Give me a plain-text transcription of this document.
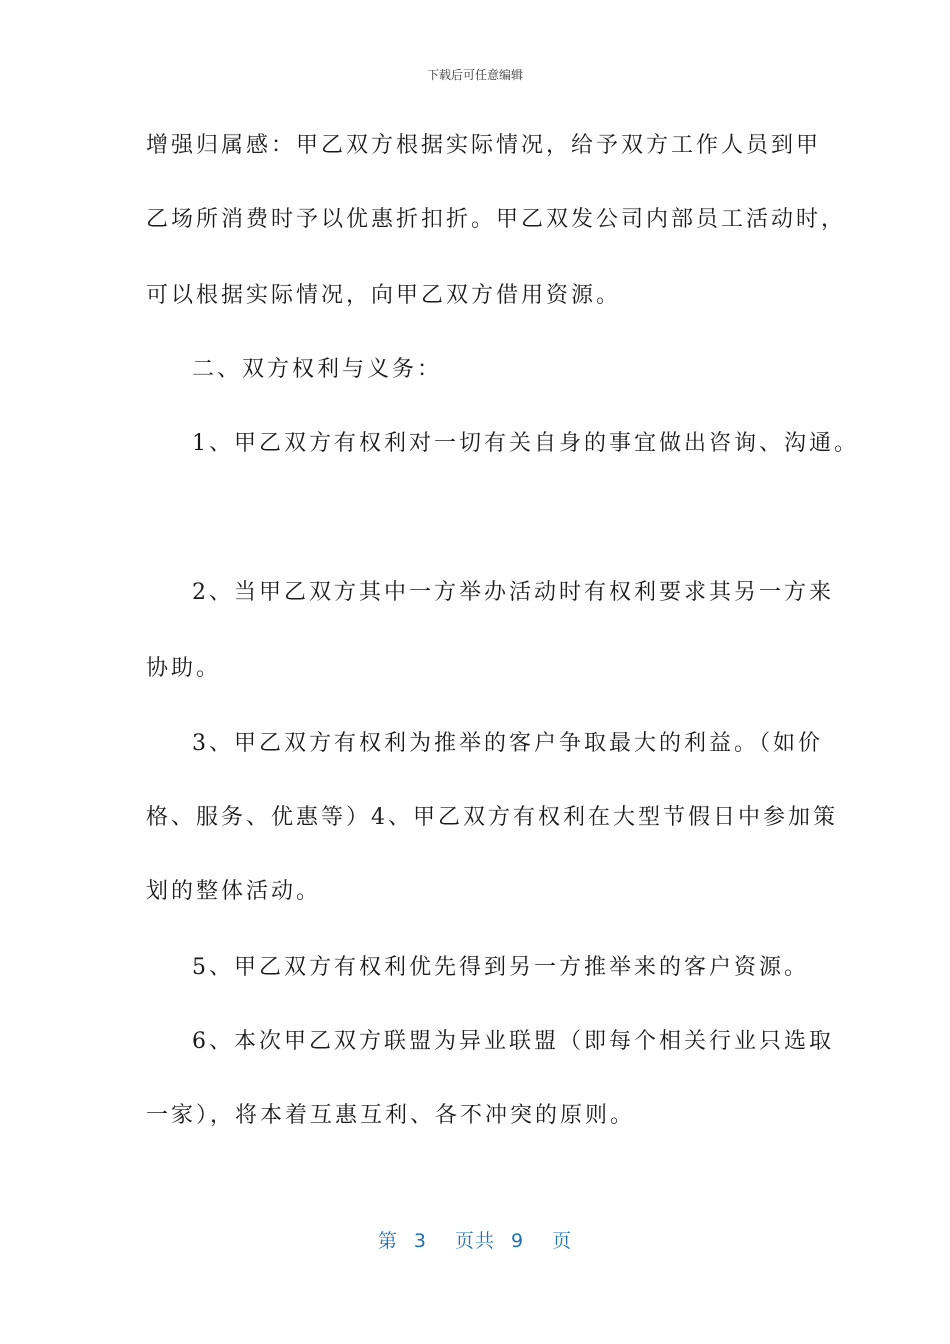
下载后可任意编辑
增强归属感：甲乙双方根据实际情况，给予双方工作人员到甲
乙场所消费时予以优惠折扣折。甲乙双发公司内部员工活动时，
可以根据实际情况，向甲乙双方借用资源。
二、双方权利与义务：
1、甲乙双方有权利对一切有关自身的事宜做出咨询、沟通。
2、当甲乙双方其中一方举办活动时有权利要求其另一方来
协助。
3、甲乙双方有权利为推举的客户争取最大的利益。（如价
格、服务、优惠等）4、甲乙双方有权利在大型节假日中参加策
划的整体活动。
5、甲乙双方有权利优先得到另一方推举来的客户资源。
6、本次甲乙双方联盟为异业联盟（即每个相关行业只选取
一家），将本着互惠互利、各不冲突的原则。
第 3 页共 9 页
